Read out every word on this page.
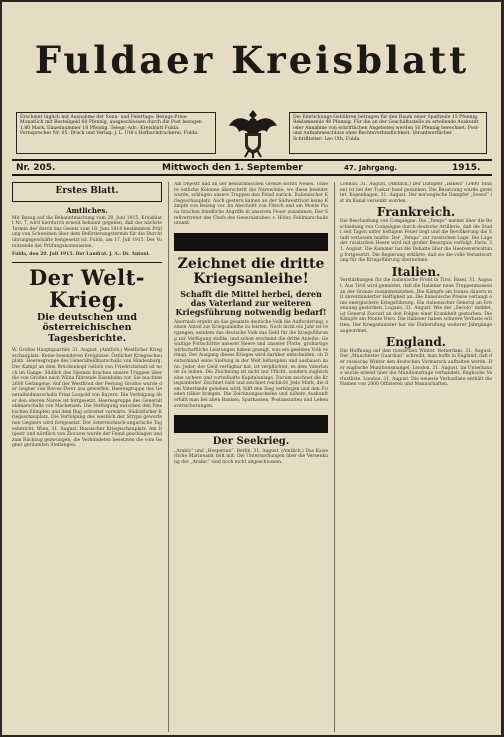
Fuldaer Kreisblatt
Erscheint täglich mit Ausnahme der Sonn- und Feiertage. Bezugs-Preis: Monatlich mit Bestellgeld 60 Pfennig, ausgeschlossen durch die Post bezogen 1,80 Mark. Einzelnummer 10 Pfennig. Telegr.-Adr.: Kreisblatt Fulda. Fernsprecher Nr. 65. Druck und Verlag: J. L. Uth's Hofbuchdruckerei, Fulda.
Die Einrückungs-Gebühren betragen für den Raum einer Spaltzeile 15 Pfennig. Reklamezeile 40 Pfennig. Für die an der Geschäftsstelle zu erteilende Auskunft oder Annahme von schriftlichen Angeboten werden 10 Pfennig berechnet. Post- und Aufnahmeschluss ohne Rechtsverbindlichkeit. Verantwortlicher Schriftleiter: Leo Uth, Fulda.
Nr. 205.	Mittwoch den 1. September	47. Jahrgang.	1915.
Erstes Blatt.
Amtliches.
Mit Bezug auf die Bekanntmachung vom 28. Juni 1915, Kreisblatt Nr. 7, wird hierdurch erneut bekannt gegeben, daß der nächste Termin der durch das Gesetz vom 18. Juni 1914 bestimmten Prüfung von Schweinen über dem Beförderungstermin für die Durchführungsgeschäfte festgesetzt ist. Fulda, am 17. Juli 1915. Der Vorsitzende der Prüfungskommission.
Fulda, den 20. Juli 1915. Der Landrat. J. A.: Dr. Antoni.
Der Welt-Krieg.
Die deutschen und österreichischen Tagesberichte.
W. Großes Hauptquartier, 31. August. (Amtlich.) Westlicher Kriegsschauplatz. Keine besonderen Ereignisse. Östlicher Kriegsschauplatz. Heeresgruppe des Generalfeldmarschalls von Hindenburg. Der Kampf an dem Brückenkopf östlich von Friedrichstadt ist noch im Gange. Südlich des Njemen brachen unsere Truppen über die von Grodno nach Wilna führende Eisenbahn vor. Sie machten 2600 Gefangene. Auf der Westfront der Festung Grodno wurde der Gegner von Borow-Dwor aus geworfen. Heeresgruppe des Generalfeldmarschalls Prinz Leopold von Bayern. Die Verfolgung über den oberen Narew ist fortgesetzt. Heeresgruppe des Generalfeldmarschalls von Mackensen. Die Verfolgung zwischen den Pinskschen Sümpfen und dem Bug schreitet vorwärts. Südöstlicher Kriegsschauplatz. Die Verfolgung des westlich der Strypa geworfenen Gegners wird fortgesetzt. Der österreichisch-ungarische Tagesbericht. Wien, 31. August. Russischer Kriegsschauplatz. Am Dnjestr und nördlich von Zloczow wurde der Feind geschlagen und zum Rückzug gezwungen; die Verbündeten besetzten die vom Gegner geräumten Stellungen.
Am Dnjestr und an der bessarabischen Grenze nichts Neues. Unsere östliche Kolonne überschritt die Narewlinie; wo diese beendet wurde, schlugen unsere Truppen den Feind zurück. Italienischer Kriegsschauplatz. Auch gestern kamen an der Südwestfront keine Kämpfe von Belang vor. Im Abschnitt von Flitsch und am Monte Piana brachen feindliche Angriffe in unserem Feuer zusammen. Der Stellvertreter des Chefs des Generalstabes: v. Höfer, Feldmarschalleutnant.
Zeichnet die dritte Kriegsanleihe!
Schafft die Mittel herbei, deren das Vaterland zur weiteren Kriegsführung notwendig bedarf!
Abermals ergeht an das gesamte deutsche Volk die Aufforderung, seinen Anteil zur Kriegsanleihe zu leisten. Noch nicht ein Jahr ist vergangen, seitdem das deutsche Volk das Geld für die Kriegsführung zur Verfügung stellte, und schon erscheint die dritte Anleihe. Gewaltige Fortschritte unserer Heere und unserer Flotte, großartige wirtschaftliche Leistungen haben gezeigt, was ein geeintes Volk vermag. Der Ausgang dieses Krieges wird darüber entscheiden, ob Deutschland seine Stellung in der Welt behaupten und ausbauen kann. Jeder, der Geld verfügbar hat, ist verpflichtet, es dem Vaterlande zu leihen. Die Zeichnung ist nicht nur Pflicht, sondern zugleich eine sichere und vorteilhafte Kapitalanlage. Darum zeichnet die Kriegsanleihe! Zeichnet bald und zeichnet reichlich! Jede Mark, die dem Vaterlande geliehen wird, hilft den Sieg verbürgen und den Frieden näher bringen. Die Zeichnungsscheine und nähere Auskunft erhält man bei allen Banken, Sparkassen, Postanstalten und Lebensversicherungen.
Der Seekrieg.
„Arabic“ und „Hesperian“. Berlin, 31. August. (Amtlich.) Das Kaiserliche Marineamt teilt mit: Die Untersuchungen über die Versenkung der „Arabic“ sind noch nicht abgeschlossen.
London, 31. August. (Amtlich.) Der Dampfer „Bakels“ (3400 Tonnen) ist bei der Tuskar-Insel gesunken. Die Besatzung wurde gerettet. Kopenhagen, 31. August. Der norwegische Dampfer „Svend“ ist im Kanal versenkt worden.
Frankreich.
Die Beschießung von Compiègne. Die „Temps“ meldet über die Beschießung von Compiègne durch deutsche Artillerie, daß die Stadt seit Tagen unter heftigem Feuer liegt und die Bevölkerung die Stadt verlassen mußte. Der „Temps“ zur russischen Lage. Die Lage der russischen Heere wird mit großer Besorgnis verfolgt. Paris, 31. August. Die Kammer hat die Debatte über die Heeresverwaltung fortgesetzt. Die Regierung erklärte, daß sie die volle Verantwortung für die Kriegsführung übernehme.
Italien.
Verstärkungen für die italienische Front in Tirol. Basel, 31. August. Aus Tirol wird gemeldet, daß die Italiener neue Truppenmassen an der Grenze zusammenziehen. Die Kämpfe am Isonzo dauern mit unverminderter Heftigkeit an. Die italienische Presse verlangt eine energischere Kriegsführung. Ein italienischer General an Ernennung gestorben. Lugano, 31. August. Wie der „Secolo“ meldet, ist General Zuccari an den Folgen einer Krankheit gestorben. Die Kämpfe am Monte Nero. Die Italiener haben schwere Verluste erlitten. Der Kriegsminister hat die Einberufung weiterer Jahrgänge angeordnet.
England.
Die Hoffnung auf den russischen Winter. Rotterdam, 31. August. Der „Manchester Guardian“ schreibt, man hoffe in England, daß der russische Winter den deutschen Vormarsch aufhalten werde. Der englische Munitionsmangel. London, 31. August. Im Unterhause wurde erneut über die Munitionsfrage verhandelt. Englische Verlustliste. London, 31. August. Die neueste Verlustliste enthält die Namen von 2000 Offizieren und Mannschaften.
